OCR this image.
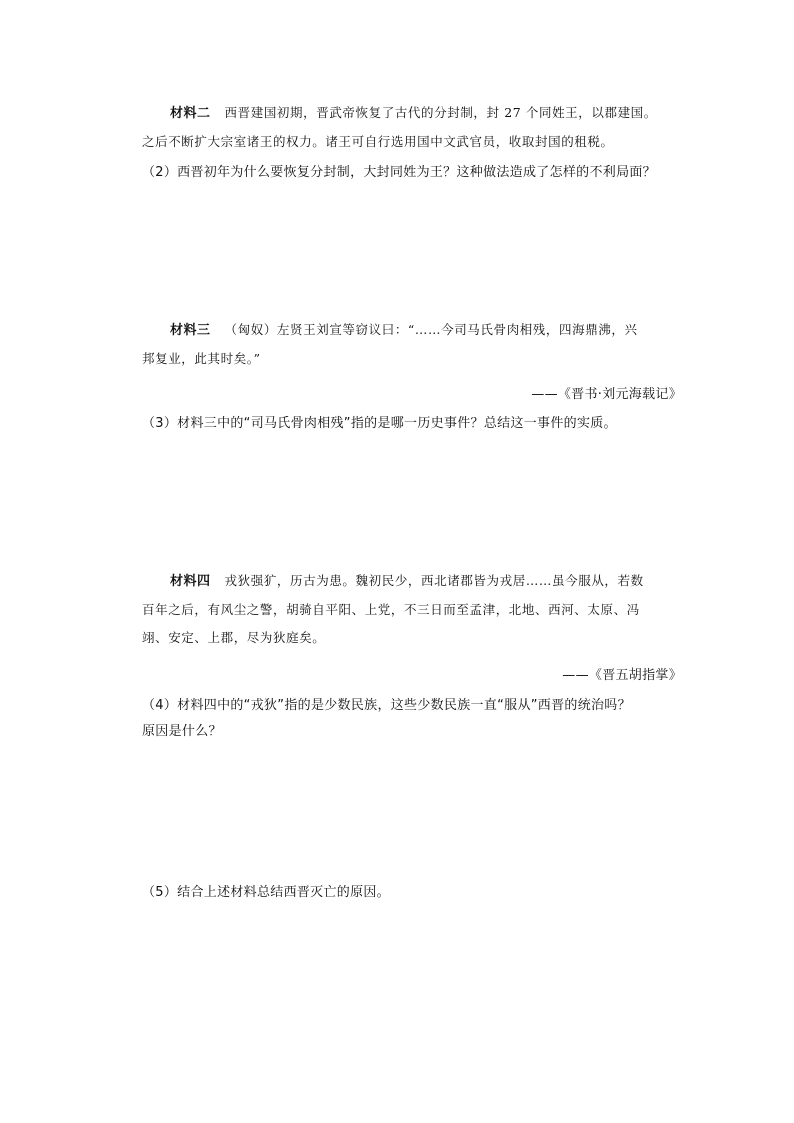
材料二 西晋建国初期，晋武帝恢复了古代的分封制，封 27 个同姓王，以郡建国。
之后不断扩大宗室诸王的权力。诸王可自行选用国中文武官员，收取封国的租税。
（2）西晋初年为什么要恢复分封制，大封同姓为王？这种做法造成了怎样的不利局面？
材料三 （匈奴）左贤王刘宣等窃议曰：“……今司马氏骨肉相残，四海鼎沸，兴
邦复业，此其时矣。”
——《晋书·刘元海载记》
（3）材料三中的“司马氏骨肉相残”指的是哪一历史事件？总结这一事件的实质。
材料四 戎狄强犷，历古为患。魏初民少，西北诸郡皆为戎居……虽今服从，若数
百年之后，有风尘之警，胡骑自平阳、上党，不三日而至孟津，北地、西河、太原、冯
翊、安定、上郡，尽为狄庭矣。
——《晋五胡指掌》
（4）材料四中的“戎狄”指的是少数民族，这些少数民族一直“服从”西晋的统治吗？
原因是什么？
（5）结合上述材料总结西晋灭亡的原因。
